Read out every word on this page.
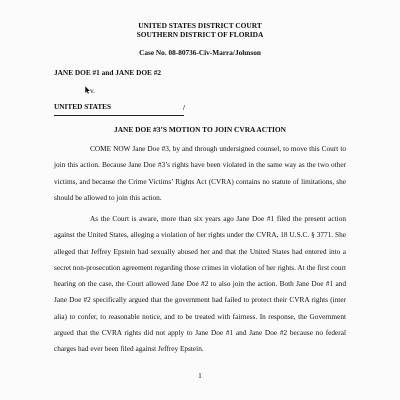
UNITED STATES DISTRICT COURT
SOUTHERN DISTRICT OF FLORIDA
Case No. 08-80736-Civ-Marra/Johnson
JANE DOE #1 and JANE DOE #2
v.
UNITED STATES	/
JANE DOE #3’S MOTION TO JOIN CVRA ACTION

COME NOW Jane Doe #3, by and through undersigned counsel, to move this Court to join this action. Because Jane Doe #3’s rights have been violated in the same way as the two other victims, and because the Crime Victims’ Rights Act (CVRA) contains no statute of limitations, she should be allowed to join this action.

As the Court is aware, more than six years ago Jane Doe #1 filed the present action against the United States, alleging a violation of her rights under the CVRA, 18 U.S.C. § 3771. She alleged that Jeffrey Epstein had sexually abused her and that the United States had entered into a secret non-prosecution agreement regarding those crimes in violation of her rights. At the first court hearing on the case, the Court allowed Jane Doe #2 to also join the action. Both Jane Doe #1 and Jane Doe #2 specifically argued that the government had failed to protect their CVRA rights (inter alia) to confer, to reasonable notice, and to be treated with fairness. In response, the Government argued that the CVRA rights did not apply to Jane Doe #1 and Jane Doe #2 because no federal charges had ever been filed against Jeffrey Epstein.

1
